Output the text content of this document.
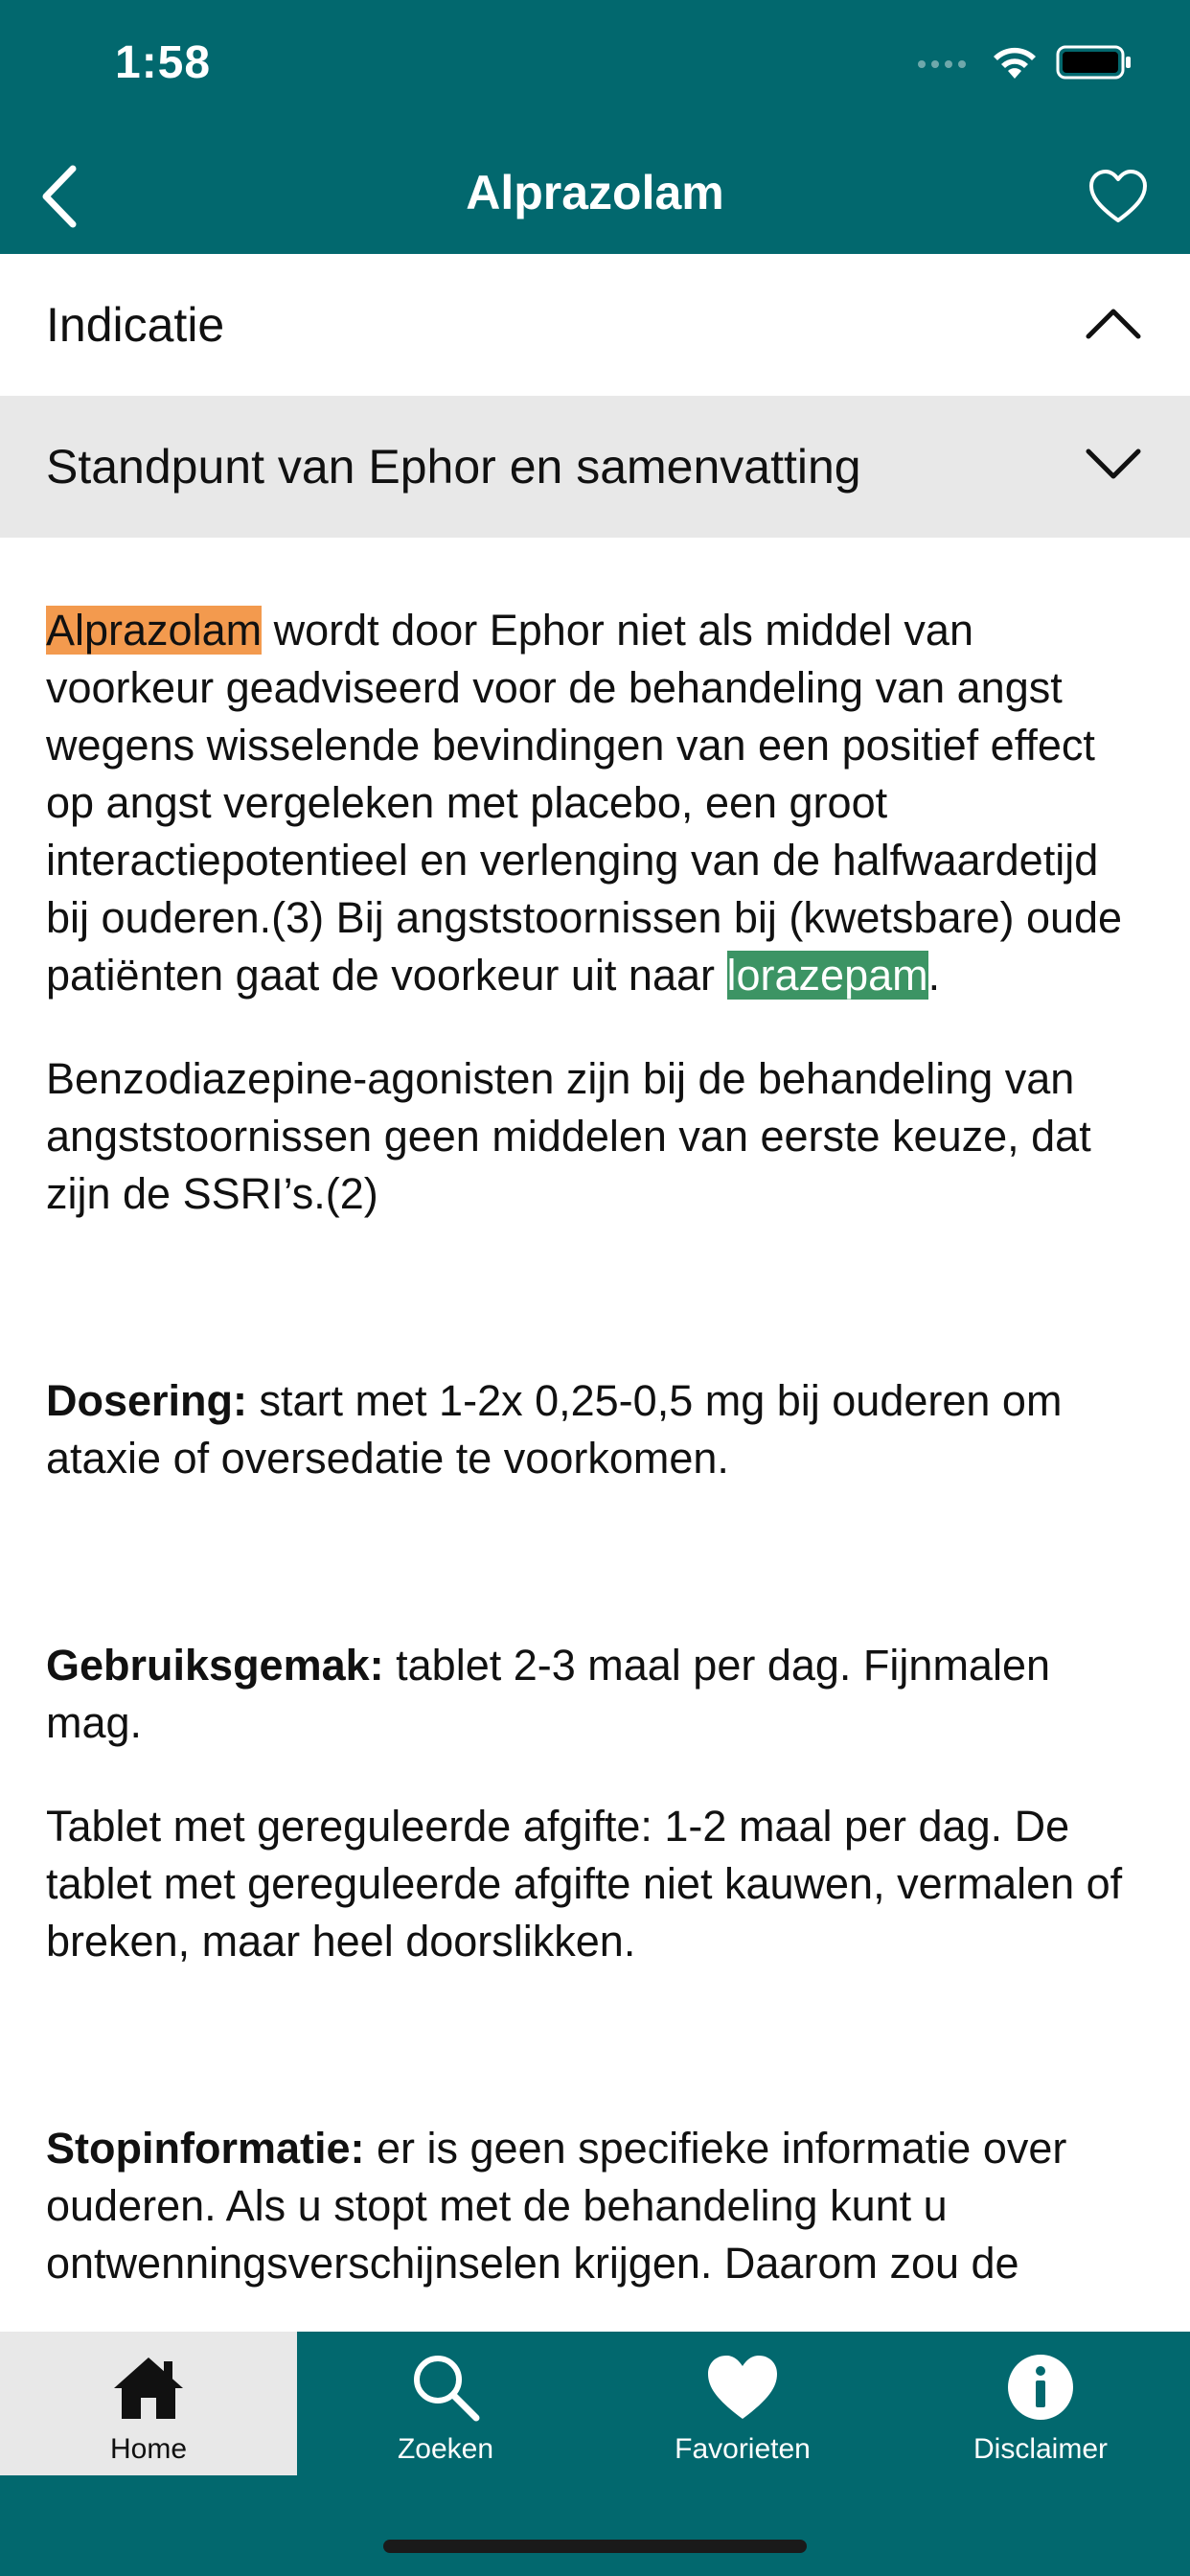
1:58
Alprazolam
Indicatie
Standpunt van Ephor en samenvatting

Alprazolam wordt door Ephor niet als middel van voorkeur geadviseerd voor de behandeling van angst wegens wisselende bevindingen van een positief effect op angst vergeleken met placebo, een groot interactiepotentieel en verlenging van de halfwaardetijd bij ouderen.(3) Bij angststoornissen bij (kwetsbare) oude patiënten gaat de voorkeur uit naar lorazepam.

Benzodiazepine-agonisten zijn bij de behandeling van angststoornissen geen middelen van eerste keuze, dat zijn de SSRI’s.(2)

Dosering: start met 1-2x 0,25-0,5 mg bij ouderen om ataxie of oversedatie te voorkomen.

Gebruiksgemak: tablet 2-3 maal per dag. Fijnmalen mag.

Tablet met gereguleerde afgifte: 1-2 maal per dag. De tablet met gereguleerde afgifte niet kauwen, vermalen of breken, maar heel doorslikken.

Stopinformatie: er is geen specifieke informatie over ouderen. Als u stopt met de behandeling kunt u ontwenningsverschijnselen krijgen. Daarom zou de

Home	Zoeken	Favorieten	Disclaimer
